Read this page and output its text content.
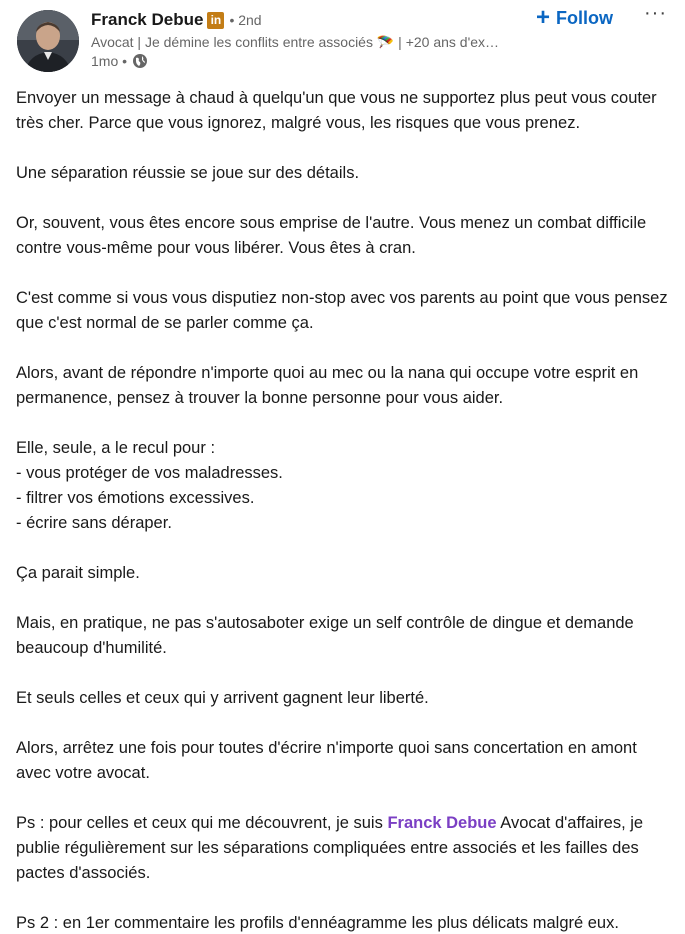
Franck Debue in • 2nd
Avocat | Je démine les conflits entre associés 🪂 | +20 ans d'ex…
1mo •
+ Follow ···

Envoyer un message à chaud à quelqu'un que vous ne supportez plus peut vous couter très cher. Parce que vous ignorez, malgré vous, les risques que vous prenez.

Une séparation réussie se joue sur des détails.

Or, souvent, vous êtes encore sous emprise de l'autre. Vous menez un combat difficile contre vous-même pour vous libérer. Vous êtes à cran.

C'est comme si vous vous disputiez non-stop avec vos parents au point que vous pensez que c'est normal de se parler comme ça.

Alors, avant de répondre n'importe quoi au mec ou la nana qui occupe votre esprit en permanence, pensez à trouver la bonne personne pour vous aider.

Elle, seule, a le recul pour :
- vous protéger de vos maladresses.
- filtrer vos émotions excessives.
- écrire sans déraper.

Ça parait simple.

Mais, en pratique, ne pas s'autosaboter exige un self contrôle de dingue et demande beaucoup d'humilité.

Et seuls celles et ceux qui y arrivent gagnent leur liberté.

Alors, arrêtez une fois pour toutes d'écrire n'importe quoi sans concertation en amont avec votre avocat.

Ps : pour celles et ceux qui me découvrent, je suis Franck Debue Avocat d'affaires, je publie régulièrement sur les séparations compliquées entre associés et les failles des pactes d'associés.

Ps 2 : en 1er commentaire les profils d'ennéagramme les plus délicats malgré eux.
